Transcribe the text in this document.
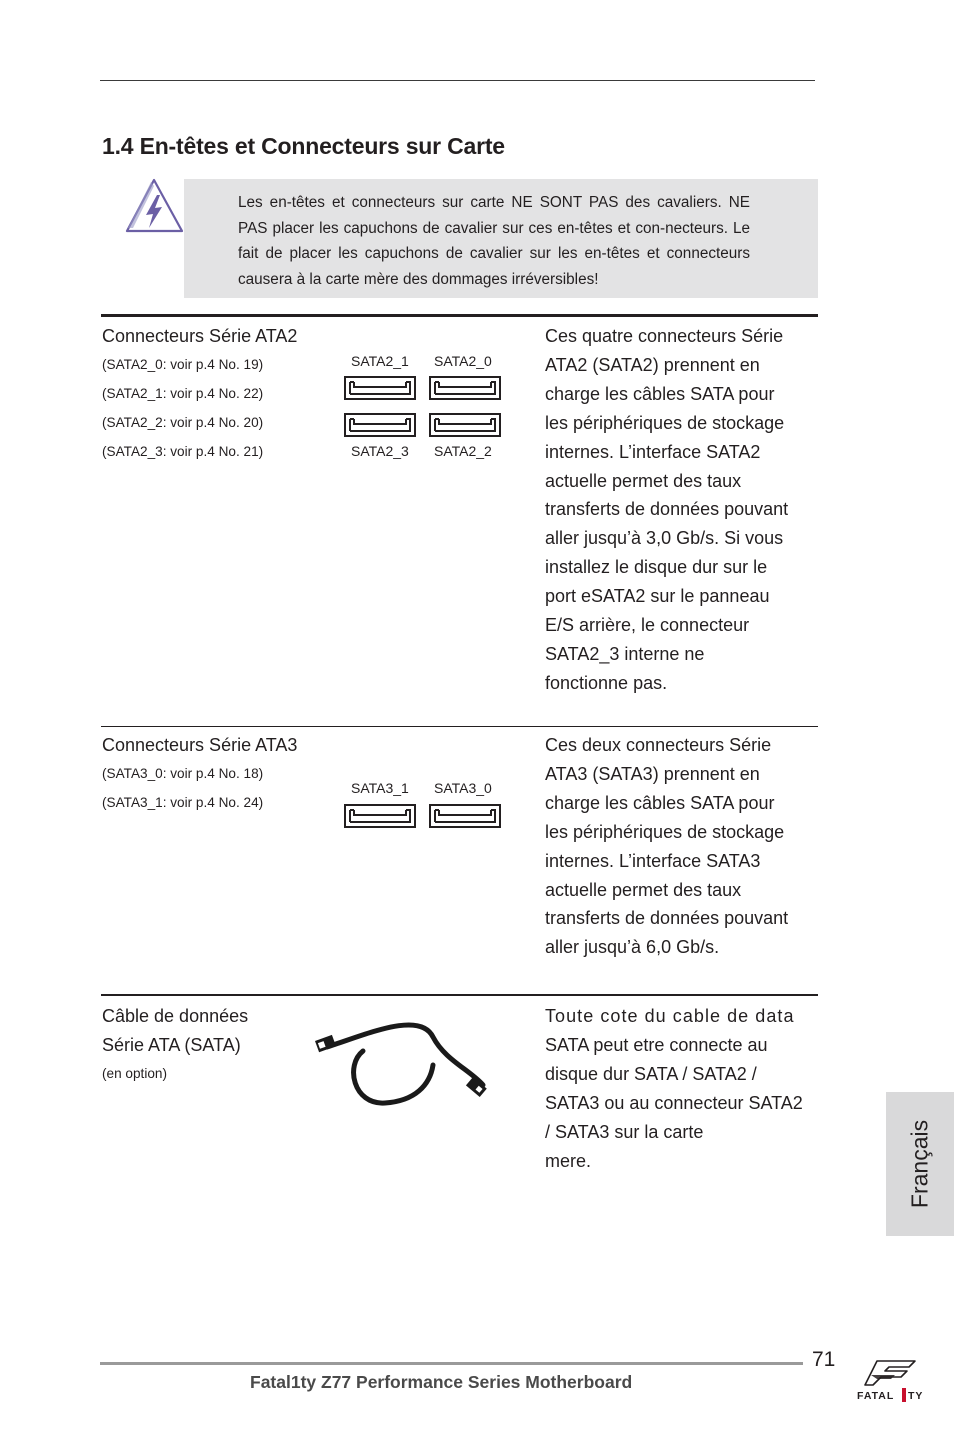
1.4 En-têtes et Connecteurs sur Carte

Les en-têtes et connecteurs sur carte NE SONT PAS des cavaliers. NE PAS placer les capuchons de cavalier sur ces en-têtes et con-necteurs. Le fait de placer les capuchons de cavalier sur les en-têtes et connecteurs causera à la carte mère des dommages irréversibles!

Connecteurs Série ATA2
(SATA2_0: voir p.4 No. 19)
(SATA2_1: voir p.4 No. 22)
(SATA2_2: voir p.4 No. 20)
(SATA2_3: voir p.4 No. 21)
SATA2_1 SATA2_0
SATA2_3 SATA2_2
Ces quatre connecteurs Série
ATA2 (SATA2) prennent en
charge les câbles SATA pour
les périphériques de stockage
internes. L’interface SATA2
actuelle permet des taux
transferts de données pouvant
aller jusqu’à 3,0 Gb/s. Si vous
installez le disque dur sur le
port eSATA2 sur le panneau
E/S arrière, le connecteur
SATA2_3 interne ne
fonctionne pas.
Connecteurs Série ATA3
(SATA3_0: voir p.4 No. 18)
(SATA3_1: voir p.4 No. 24)
SATA3_1 SATA3_0
Ces deux connecteurs Série
ATA3 (SATA3) prennent en
charge les câbles SATA pour
les périphériques de stockage
internes. L’interface SATA3
actuelle permet des taux
transferts de données pouvant
aller jusqu’à 6,0 Gb/s.
Câble de données
Série ATA (SATA)
(en option)
Toute cote du cable de data
SATA peut etre connecte au
disque dur SATA / SATA2 /
SATA3 ou au connecteur SATA2
/ SATA3 sur la carte
mere.	Français
71
Fatal1ty Z77 Performance Series Motherboard
FATAL TY
